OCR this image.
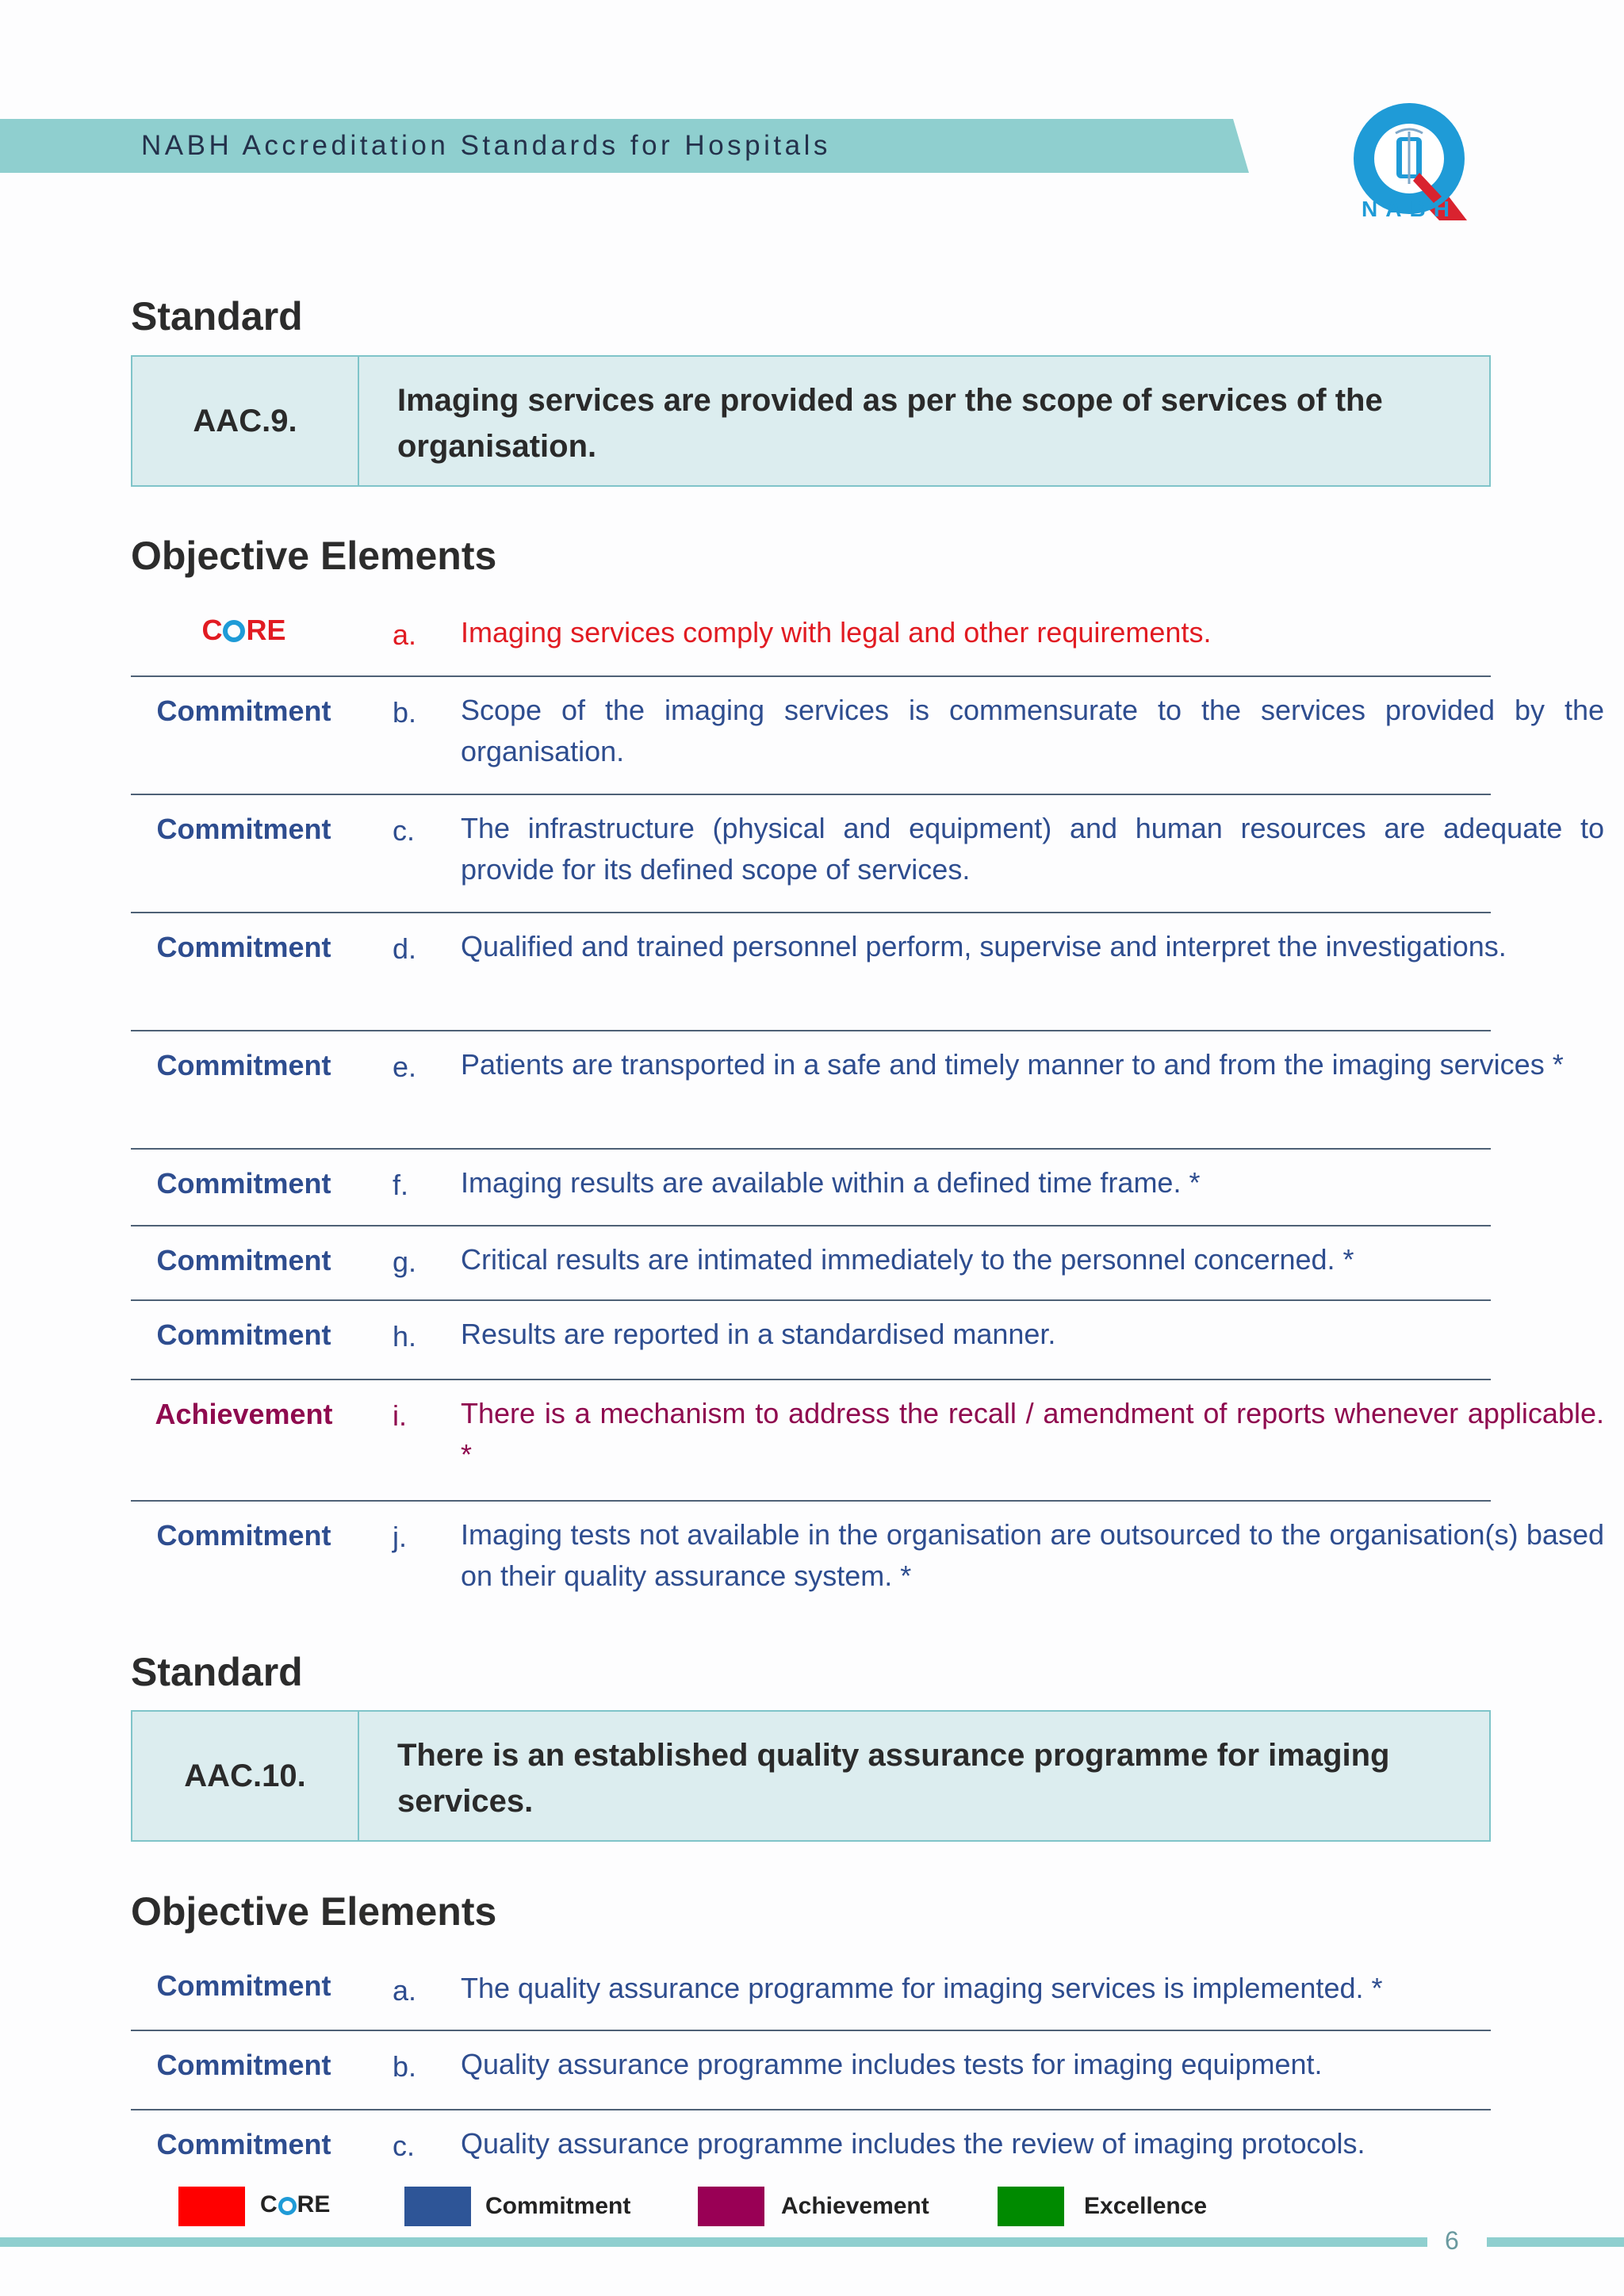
NABH Accreditation Standards for Hospitals
NABH
Standard
AAC.9.
Imaging services are provided as per the scope of services of the organisation.
Objective Elements
C RE	a. Imaging services comply with legal and other requirements.
Commitment	b. Scope of the imaging services is commensurate to the services provided by the organisation.
Commitment	c. The infrastructure (physical and equipment) and human resources are adequate to provide for its defined scope of services.
Commitment	d. Qualified and trained personnel perform, supervise and interpret the investigations.
Commitment	e. Patients are transported in a safe and timely manner to and from the imaging services *
Commitment	f. Imaging results are available within a defined time frame. *
Commitment	g. Critical results are intimated immediately to the personnel concerned. *
Commitment	h. Results are reported in a standardised manner.
Achievement	i. There is a mechanism to address the recall / amendment of reports whenever applicable. *
Commitment	j. Imaging tests not available in the organisation are outsourced to the organisation(s) based on their quality assurance system. *
Standard
AAC.10.
There is an established quality assurance programme for imaging services.
Objective Elements
Commitment	a. The quality assurance programme for imaging services is implemented. *
Commitment	b. Quality assurance programme includes tests for imaging equipment.
Commitment	c. Quality assurance programme includes the review of imaging protocols.
C RE	Commitment	Achievement	Excellence
6
